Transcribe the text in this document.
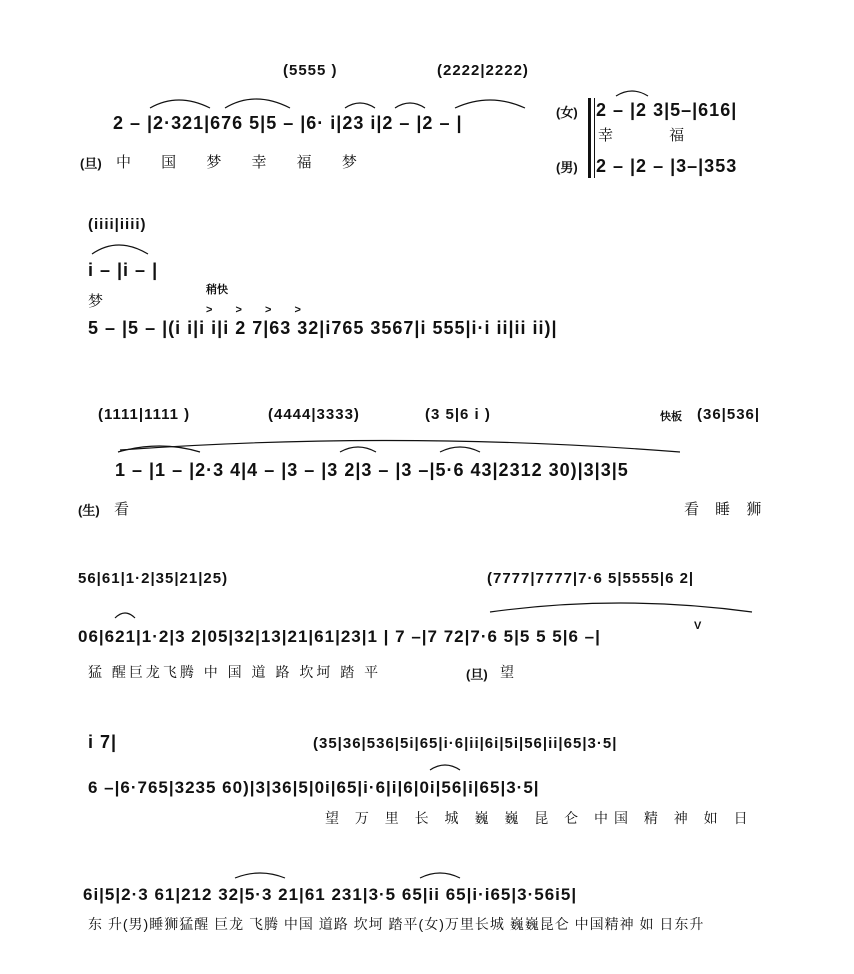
(5555 )	(2222|2222)
2 – |2·321|676 5|5 – |6· i|23 i|2 – |2 – |
(旦) 中 国 梦 幸 福 梦
(女) 2 – |2 3|5–|616|
幸 福
(男) 2 – |2 – |3–|353
(iiii|iiii)
i – |i – |
梦
稍快
> > > >
5 – |5 – |(i i|i i|i 2 7|63 32|i765 3567|i 555|i·i ii|ii ii)|
(1111|1111 )	(4444|3333)	(3 5|6 i )	快板 (36|536|
1 – |1 – |2·3 4|4 – |3 – |3 2|3 – |3 –|5·6 43|2312 30)|3|3|5
(生) 看	看 睡 狮
56|61|1·2|35|21|25)	(7777|7777|7·6 5|5555|6 2|
06|621|1·2|3 2|05|32|13|21|61|23|1 | 7 –|7 72|7·6 5|5 5 5|6 –|
V
猛 醒巨龙飞腾 中 国 道 路 坎坷 踏 平	(旦) 望
i 7|	(35|36|536|5i|65|i·6|ii|6i|5i|56|ii|65|3·5|
6 –|6·765|3235 60)|3|36|5|0i|65|i·6|i|6|0i|56|i|65|3·5|
望 万 里 长 城 巍 巍 昆 仑 中国 精 神 如 日
6i|5|2·3 61|212 32|5·3 21|61 231|3·5 65|ii 65|i·i65|3·56i5|
东 升(男)睡狮猛醒 巨龙 飞腾 中国 道路 坎坷 踏平(女)万里长城 巍巍昆仑 中国精神 如 日东升
